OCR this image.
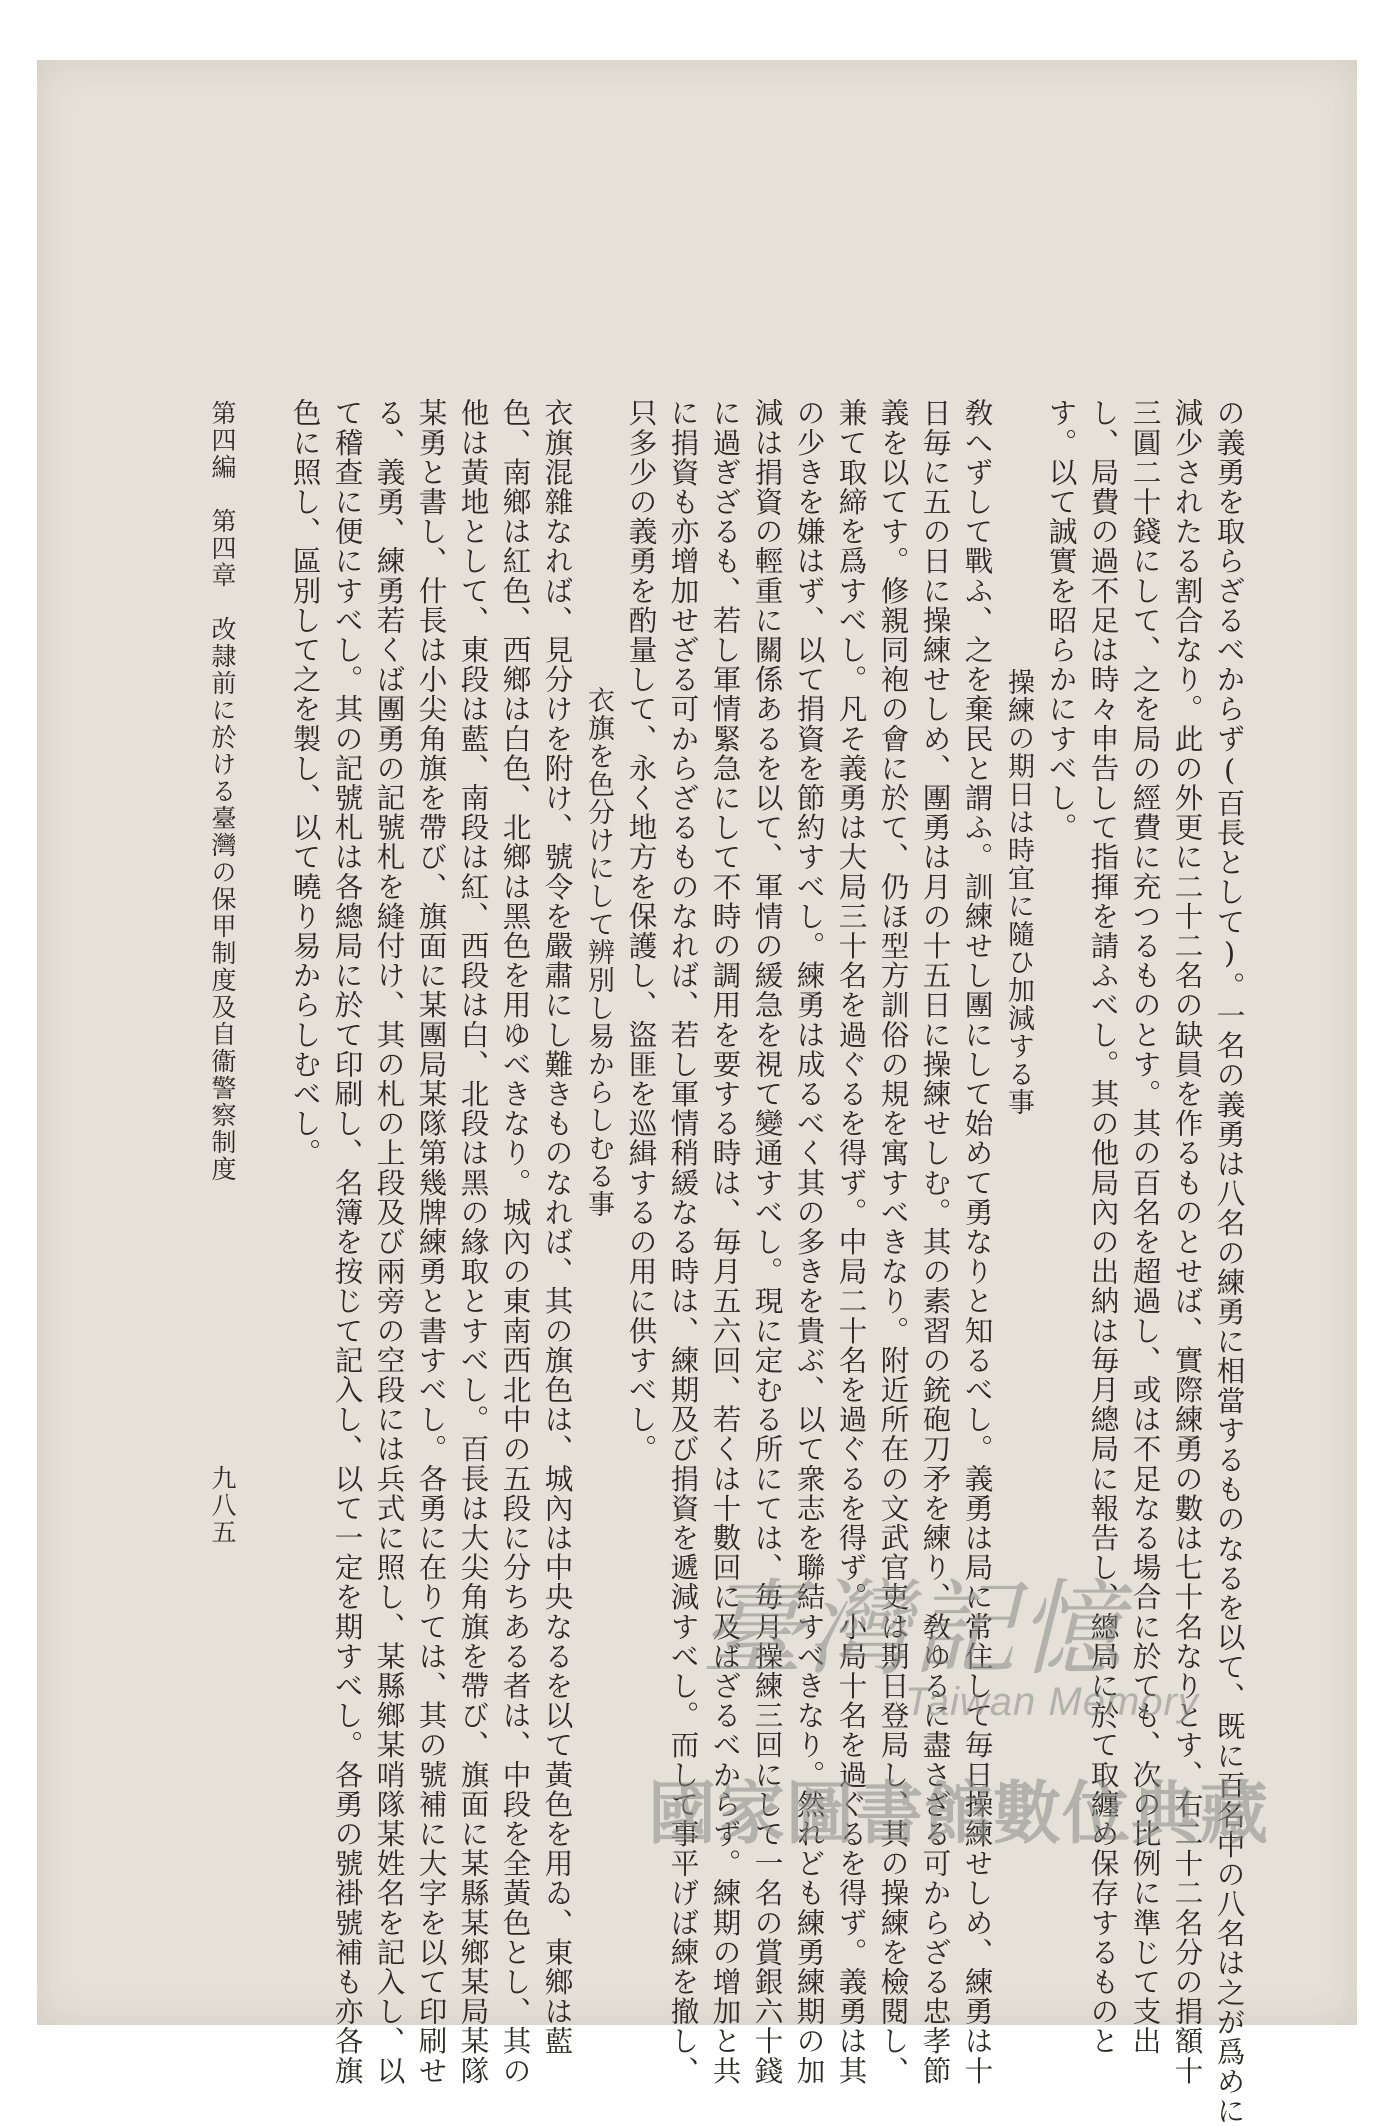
の義勇を取らざるべからず(百長として)。一名の義勇は八名の練勇に相當するものなるを以て、既に百名中の八名は之が爲めに
減少されたる割合なり。此の外更に二十二名の缺員を作るものとせば、實際練勇の數は七十名なりとす、右二十二名分の捐額十
三圓二十錢にして、之を局の經費に充つるものとす。其の百名を超過し、或は不足なる場合に於ても、次の比例に準じて支出
し、局費の過不足は時々申告して指揮を請ふべし。其の他局內の出納は毎月總局に報告し、總局に於て取纏め保存するものと
す。以て誠實を昭らかにすべし。
操練の期日は時宜に隨ひ加減する事
敎へずして戰ふ、之を棄民と謂ふ。訓練せし團にして始めて勇なりと知るべし。義勇は局に常住して毎日操練せしめ、練勇は十
日毎に五の日に操練せしめ、團勇は月の十五日に操練せしむ。其の素習の銃砲刀矛を練り、敎ゆるに盡さざる可からざる忠孝節
義を以てす。修親同袍の會に於て、仍ほ型方訓俗の規を寓すべきなり。附近所在の文武官吏は期日登局し、其の操練を檢閱し、
兼て取締を爲すべし。凡そ義勇は大局三十名を過ぐるを得ず。中局二十名を過ぐるを得ず。小局十名を過ぐるを得ず。義勇は其
の少きを嫌はず、以て捐資を節約すべし。練勇は成るべく其の多きを貴ぶ、以て衆志を聯結すべきなり。然れども練勇練期の加
減は捐資の輕重に關係あるを以て、軍情の緩急を視て變通すべし。現に定むる所にては、毎月操練三回にして一名の賞銀六十錢
に過ぎざるも、若し軍情緊急にして不時の調用を要する時は、毎月五六回、若くは十數回に及ばざるべからず。練期の增加と共
に捐資も亦增加せざる可からざるものなれば、若し軍情稍緩なる時は、練期及び捐資を遞減すべし。而して事平げば練を撤し、
只多少の義勇を酌量して、永く地方を保護し、盜匪を巡緝するの用に供すべし。
衣旗を色分けにして辨別し易からしむる事
衣旗混雜なれば、見分けを附け、號令を嚴肅にし難きものなれば、其の旗色は、城內は中央なるを以て黃色を用ゐ、東鄉は藍
色、南鄉は紅色、西鄉は白色、北鄉は黑色を用ゆべきなり。城內の東南西北中の五段に分ちある者は、中段を全黃色とし、其の
他は黃地として、東段は藍、南段は紅、西段は白、北段は黑の緣取とすべし。百長は大尖角旗を帶び、旗面に某縣某鄉某局某隊
某勇と書し、什長は小尖角旗を帶び、旗面に某團局某隊第幾牌練勇と書すべし。各勇に在りては、其の號補に大字を以て印刷せ
る、義勇、練勇若くば團勇の記號札を縫付け、其の札の上段及び兩旁の空段には兵式に照し、某縣鄉某哨隊某姓名を記入し、以
て稽查に便にすべし。其の記號札は各總局に於て印刷し、名簿を按じて記入し、以て一定を期すべし。各勇の號褂號補も亦各旗
色に照し、區別して之を製し、以て曉り易からしむべし。
第四編　第四章　改隷前に於ける臺灣の保甲制度及自衞警察制度
九八五
臺灣記憶
Taiwan Memory
國家圖書館數位典藏
